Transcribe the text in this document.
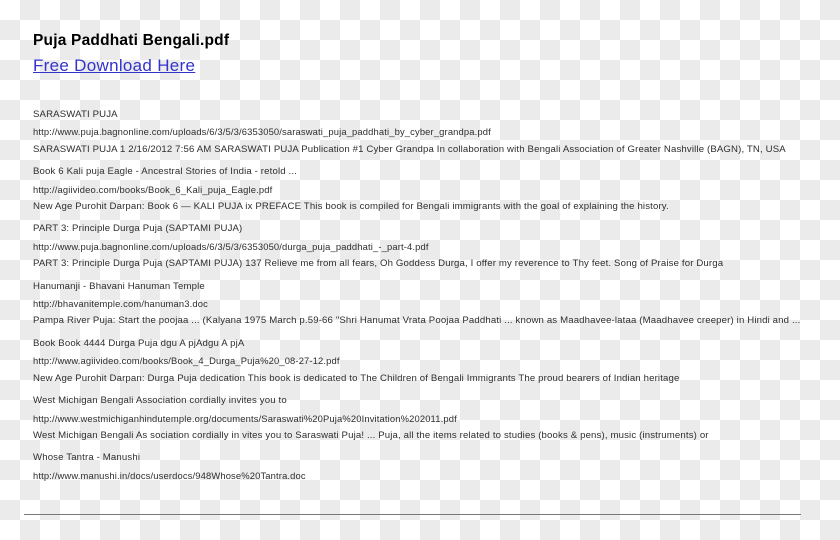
Puja Paddhati Bengali.pdf
Free Download Here
SARASWATI PUJA
http://www.puja.bagnonline.com/uploads/6/3/5/3/6353050/saraswati_puja_paddhati_by_cyber_grandpa.pdf
SARASWATI PUJA 1 2/16/2012 7:56 AM SARASWATI PUJA Publication #1 Cyber Grandpa In collaboration with Bengali Association of Greater Nashville (BAGN), TN, USA
Book 6 Kali puja Eagle - Ancestral Stories of India - retold ...
http://agiivideo.com/books/Book_6_Kali_puja_Eagle.pdf
New Age Purohit Darpan: Book 6 — KALI PUJA ix PREFACE This book is compiled for Bengali immigrants with the goal of explaining the history.
PART 3: Principle Durga Puja (SAPTAMI PUJA)
http://www.puja.bagnonline.com/uploads/6/3/5/3/6353050/durga_puja_paddhati_-_part-4.pdf
PART 3: Principle Durga Puja (SAPTAMI PUJA) 137 Relieve me from all fears, Oh Goddess Durga, I offer my reverence to Thy feet. Song of Praise for Durga
Hanumanji - Bhavani Hanuman Temple
http://bhavanitemple.com/hanuman3.doc
Pampa River Puja: Start the poojaa ... (Kalyana 1975 March p.59-66 "Shri Hanumat Vrata Poojaa Paddhati ... known as Maadhavee-lataa (Maadhavee creeper) in Hindi and ...
Book Book 4444 Durga Puja dgu A pjAdgu A pjA
http://www.agiivideo.com/books/Book_4_Durga_Puja%20_08-27-12.pdf
New Age Purohit Darpan: Durga Puja dedication This book is dedicated to The Children of Bengali Immigrants The proud bearers of Indian heritage
West Michigan Bengali Association cordially invites you to
http://www.westmichiganhindutemple.org/documents/Saraswati%20Puja%20Invitation%202011.pdf
West Michigan Bengali As sociation cordially in vites you to Saraswati Puja! ... Puja, all the items related to studies (books & pens), music (instruments) or
Whose Tantra - Manushi
http://www.manushi.in/docs/userdocs/948Whose%20Tantra.doc
